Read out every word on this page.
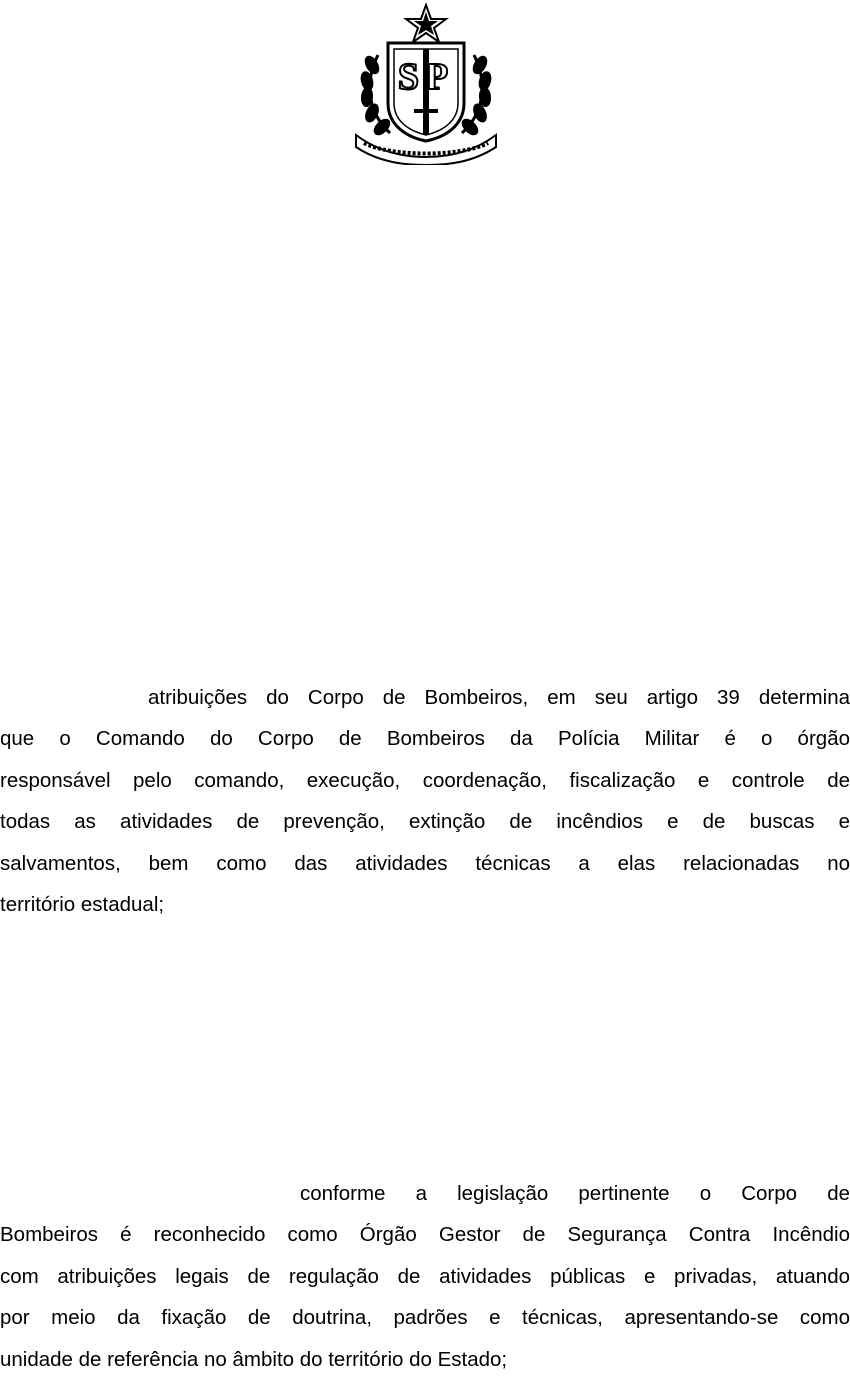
SP
atribuições do Corpo de Bombeiros, em seu artigo 39 determina
que o Comando do Corpo de Bombeiros da Polícia Militar é o órgão
responsável pelo comando, execução, coordenação, fiscalização e controle de
todas as atividades de prevenção, extinção de incêndios e de buscas e
salvamentos, bem como das atividades técnicas a elas relacionadas no
território estadual;
conforme a legislação pertinente o Corpo de
Bombeiros é reconhecido como Órgão Gestor de Segurança Contra Incêndio
com atribuições legais de regulação de atividades públicas e privadas, atuando
por meio da fixação de doutrina, padrões e técnicas, apresentando-se como
unidade de referência no âmbito do território do Estado;
